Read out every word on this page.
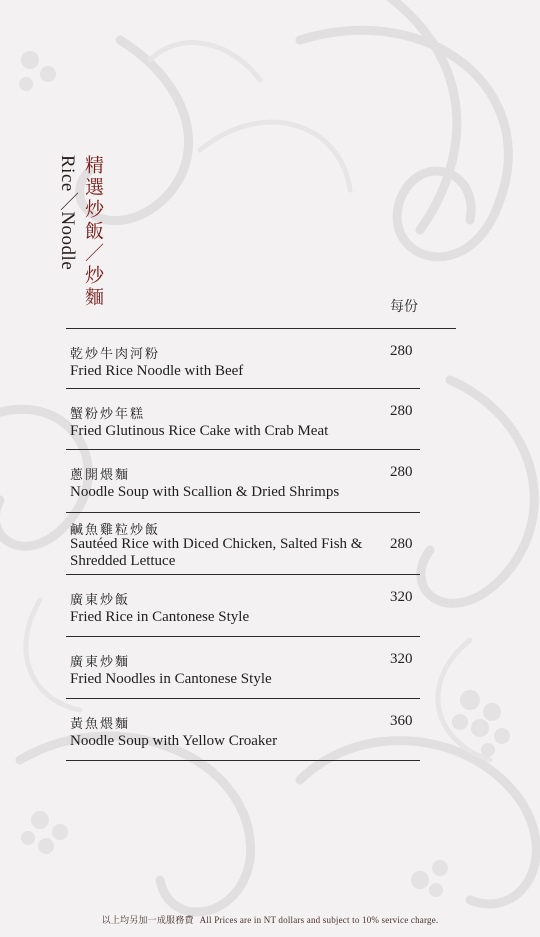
Rice／Noodle 精選炒飯／炒麵	每份
乾炒牛肉河粉
Fried Rice Noodle with Beef
280
蟹粉炒年糕
Fried Glutinous Rice Cake with Crab Meat
280
蔥開煨麵
Noodle Soup with Scallion & Dried Shrimps
280
鹹魚雞粒炒飯
Sautéed Rice with Diced Chicken, Salted Fish & Shredded Lettuce
280
廣東炒飯
Fried Rice in Cantonese Style
320
廣東炒麵
Fried Noodles in Cantonese Style
320
黃魚煨麵
Noodle Soup with Yellow Croaker
360
以上均另加一成服務費 All Prices are in NT dollars and subject to 10% service charge.
